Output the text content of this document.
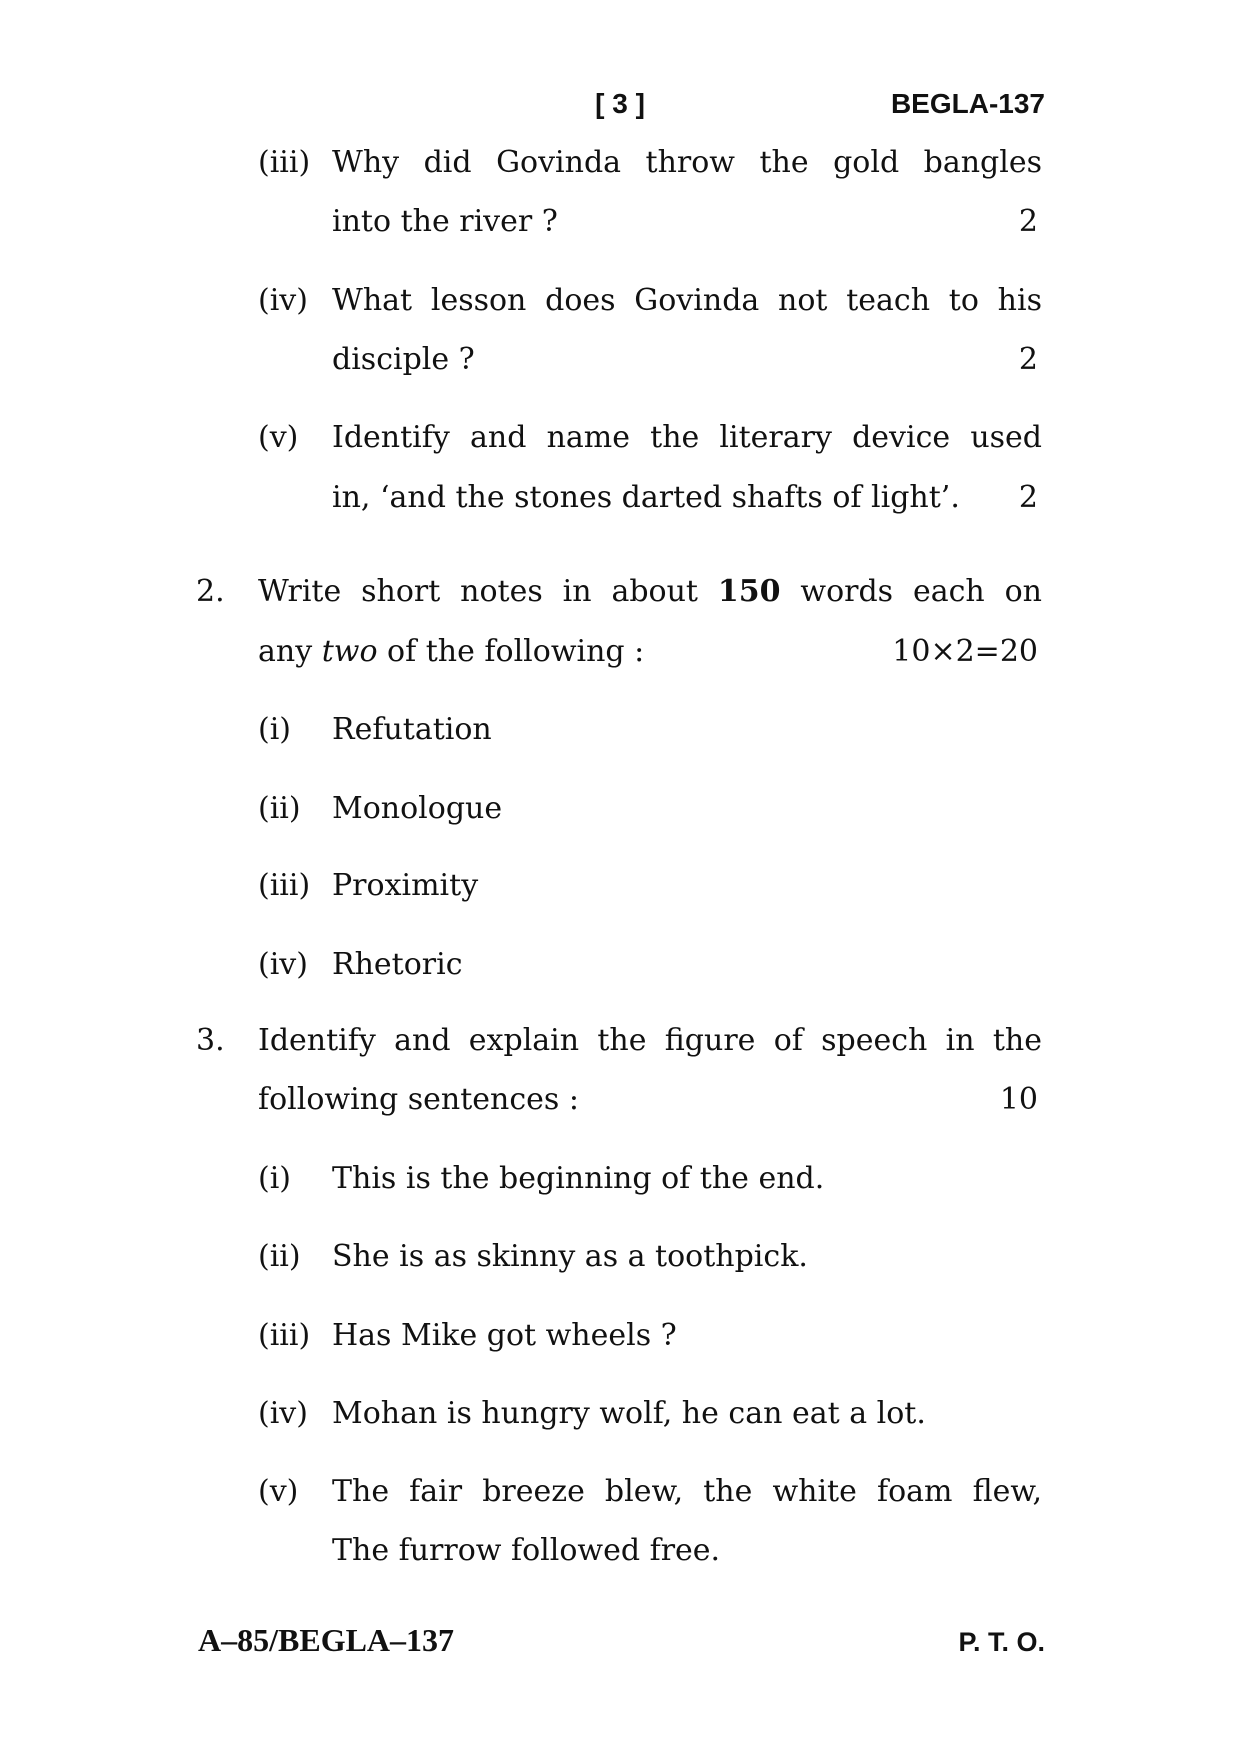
[ 3 ]	BEGLA-137
(iii) Why did Govinda throw the gold bangles
into the river ?	2
(iv) What lesson does Govinda not teach to his
disciple ?	2
(v) Identify and name the literary device used
in, ‘and the stones darted shafts of light’.	2
2. Write short notes in about 150 words each on
any two of the following :	10×2=20
(i) Refutation
(ii) Monologue
(iii) Proximity
(iv) Rhetoric
3. Identify and explain the figure of speech in the
following sentences :	10
(i) This is the beginning of the end.
(ii) She is as skinny as a toothpick.
(iii) Has Mike got wheels ?
(iv) Mohan is hungry wolf, he can eat a lot.
(v) The fair breeze blew, the white foam flew,
The furrow followed free.
A–85/BEGLA–137	P. T. O.
